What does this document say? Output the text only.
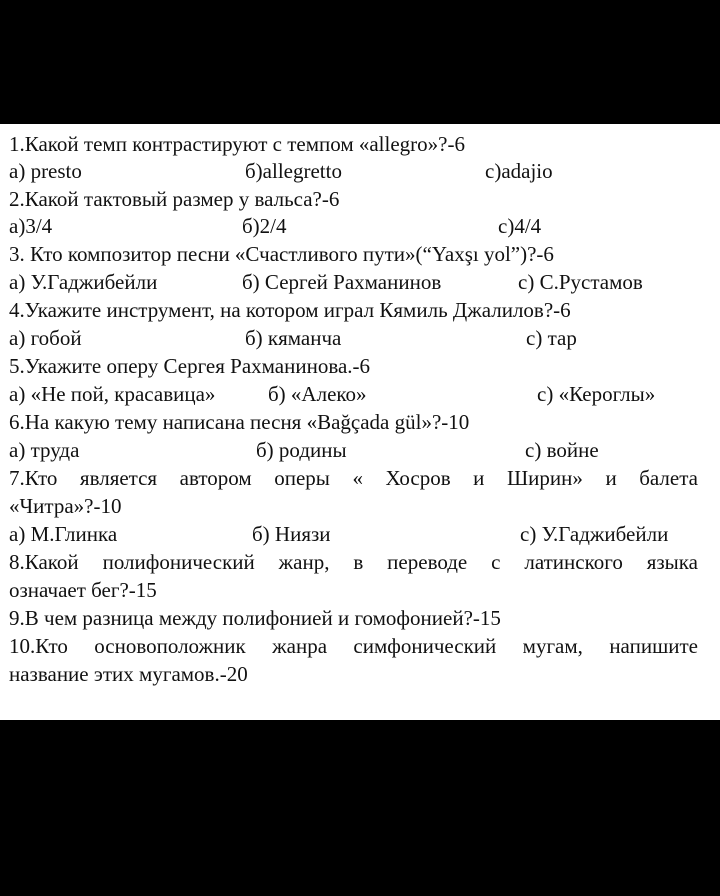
1.Какой темп контрастируют с темпом «allegro»?-6
а) presto	б)allegretto	с)adajio
2.Какой тактовый размер у вальса?-6
а)3/4	б)2/4	с)4/4
3. Кто композитор песни «Счастливого пути»(“Yaxşı yol”)?-6
а) У.Гаджибейли	б) Сергей Рахманинов	с) С.Рустамов
4.Укажите инструмент, на котором играл Кямиль Джалилов?-6
а) гобой	б) кяманча	с) тар
5.Укажите оперу Сергея Рахманинова.-6
а) «Не пой, красавица»	б) «Алеко»	с) «Кероглы»
6.На какую тему написана песня «Bağçada gül»?-10
а) труда	б) родины	с) войне
7.Кто является автором оперы « Хосров и Ширин» и балета
«Читра»?-10
а) М.Глинка	б) Ниязи	с) У.Гаджибейли
8.Какой полифонический жанр, в переводе с латинского языка
означает бег?-15
9.В чем разница между полифонией и гомофонией?-15
10.Кто основоположник жанра симфонический мугам, напишите
название этих мугамов.-20
